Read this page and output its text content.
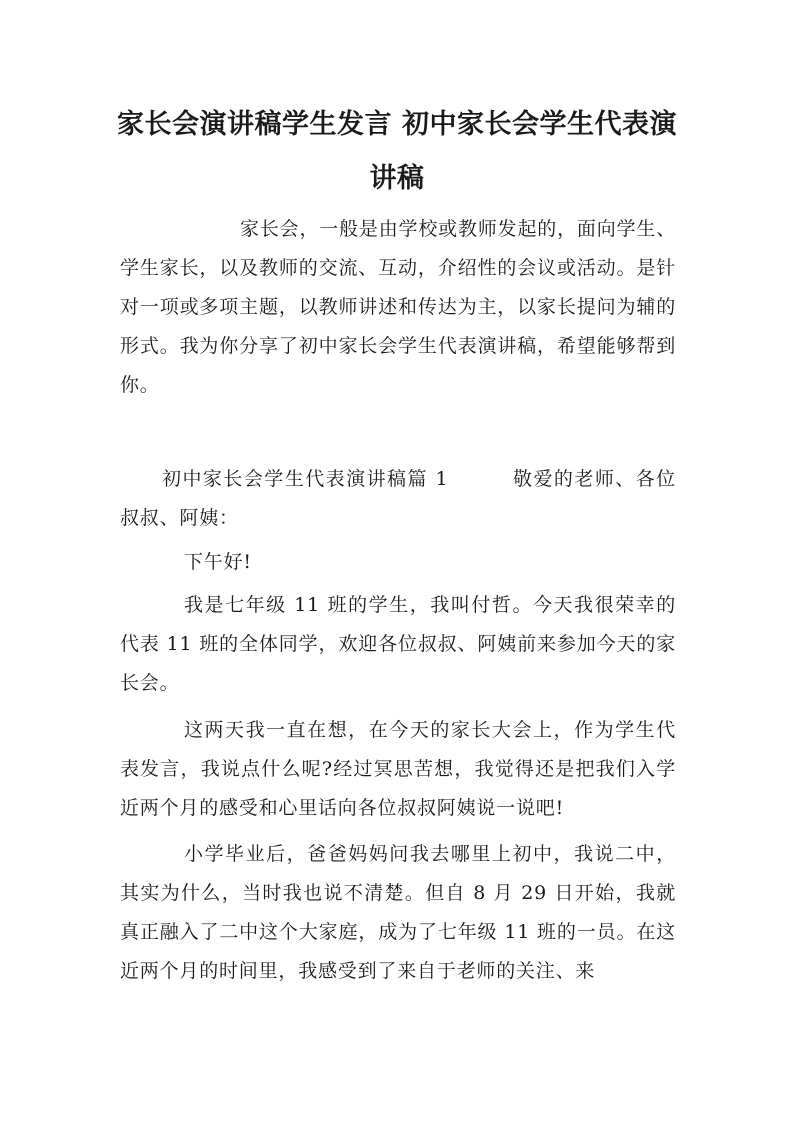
家长会演讲稿学生发言 初中家长会学生代表演讲稿

家长会，一般是由学校或教师发起的，面向学生、学生家长，以及教师的交流、互动，介绍性的会议或活动。是针对一项或多项主题，以教师讲述和传达为主，以家长提问为辅的形式。我为你分享了初中家长会学生代表演讲稿，希望能够帮到你。

初中家长会学生代表演讲稿篇 1	敬爱的老师、各位叔叔、阿姨：

下午好!

我是七年级 11 班的学生，我叫付哲。今天我很荣幸的代表 11 班的全体同学，欢迎各位叔叔、阿姨前来参加今天的家长会。

这两天我一直在想，在今天的家长大会上，作为学生代表发言，我说点什么呢?经过冥思苦想，我觉得还是把我们入学近两个月的感受和心里话向各位叔叔阿姨说一说吧!

小学毕业后，爸爸妈妈问我去哪里上初中，我说二中，其实为什么，当时我也说不清楚。但自 8 月 29 日开始，我就真正融入了二中这个大家庭，成为了七年级 11 班的一员。在这近两个月的时间里，我感受到了来自于老师的关注、来
